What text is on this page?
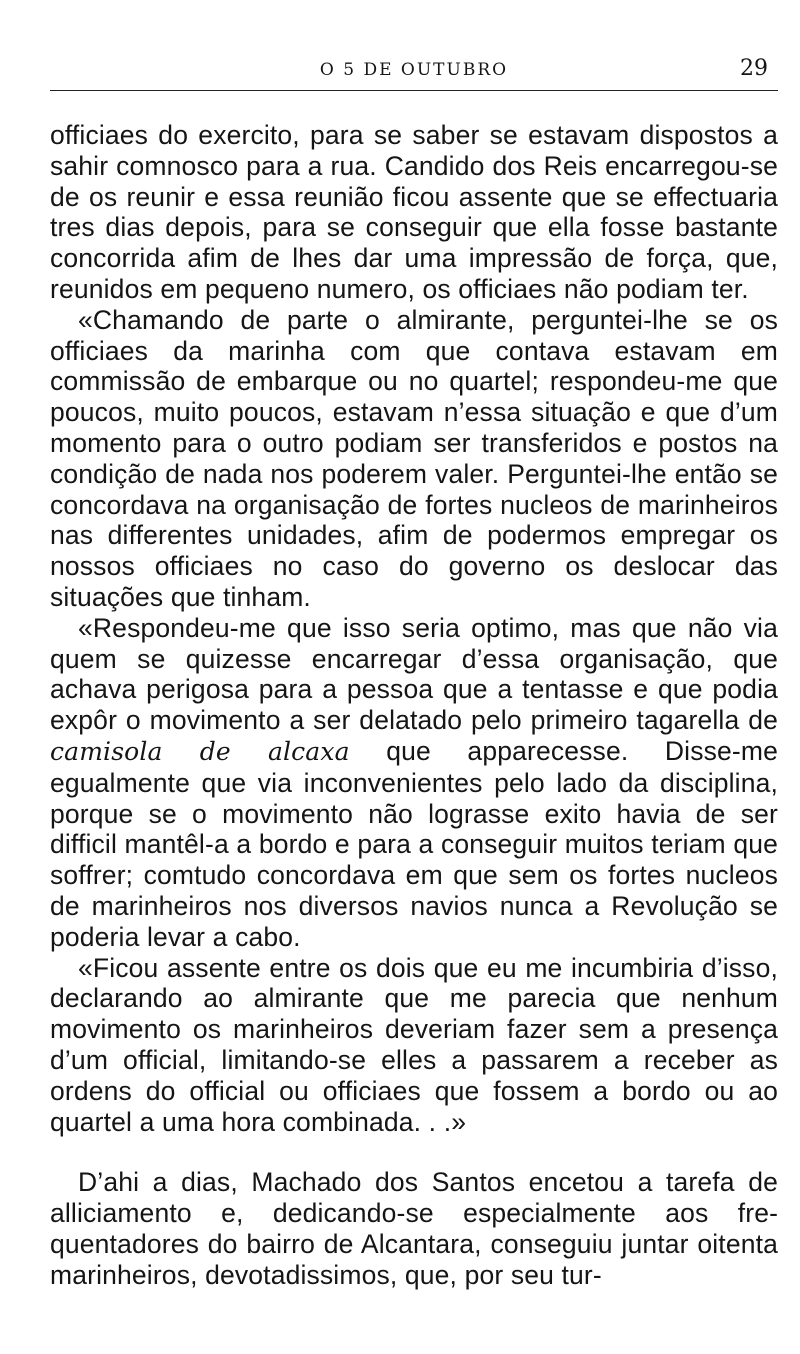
O 5 DE OUTUBRO	29

officiaes do exercito, para se saber se estavam dispostos a sahir comnosco para a rua. Candido dos Reis encarregou-se de os reunir e essa reunião ficou assente que se effectuaria tres dias depois, para se conseguir que ella fosse bastante concorrida afim de lhes dar uma impressão de força, que, reunidos em pequeno numero, os officiaes não podiam ter.

«Chamando de parte o almirante, perguntei-lhe se os officiaes da marinha com que contava estavam em commissão de embarque ou no quartel; respondeu-me que poucos, muito poucos, estavam n’essa situação e que d’um momento para o outro podiam ser transferidos e postos na condição de nada nos poderem valer. Perguntei-lhe então se concordava na organisação de fortes nucleos de marinheiros nas differentes unidades, afim de podermos empregar os nossos officiaes no caso do governo os deslocar das situações que tinham.

«Respondeu-me que isso seria optimo, mas que não via quem se quizesse encarregar d’essa organisação, que achava perigosa para a pessoa que a tentasse e que podia expôr o movimento a ser delatado pelo primeiro tagarella de camisola de alcaxa que apparecesse. Disse-me egualmente que via inconvenientes pelo lado da disciplina, porque se o movimento não lograsse exito havia de ser difficil mantêl-a a bordo e para a conseguir muitos teriam que soffrer; comtudo concordava em que sem os fortes nucleos de marinheiros nos diversos navios nunca a Revolução se poderia levar a cabo.

«Ficou assente entre os dois que eu me incumbiria d’isso, declarando ao almirante que me parecia que nenhum movimento os marinheiros deveriam fazer sem a presença d’um official, limitando-se elles a passarem a receber as ordens do official ou officiaes que fossem a bordo ou ao quartel a uma hora combinada. . .»

D’ahi a dias, Machado dos Santos encetou a tarefa de alliciamento e, dedicando-se especialmente aos frequentadores do bairro de Alcantara, conseguiu juntar oitenta marinheiros, devotadissimos, que, por seu tur-
